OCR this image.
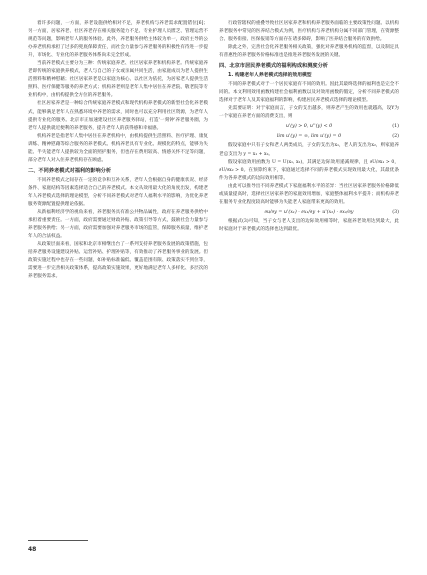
着许多问题，一方面，养老设施供给相对不足，养老机构与养老需求配置错位[6]；另一方面，居家养老、社区养老存在相关服务能力不足、专业护理人员匮乏、管理运营不规范等问题，影响老年人的服务体验。此外，养老服务供给主体较为单一，政府主导的公办养老机构承担了过多的兜底保障责任，而社会力量参与养老服务的积极性有待进一步提升，市场化、专业化的养老服务体系尚未完全形成。

当前养老模式主要分为三种：传统家庭养老、社区居家养老和机构养老。传统家庭养老即传统的家庭供养模式，老人与自己的子女或亲属共同生活，由家庭成员为老人提供生活照料和精神慰藉；社区居家养老是以家庭为核心、以社区为依托，为居家老人提供生活照料、医疗保健等服务的养老方式；机构养老则是老年人集中居住在养老院、敬老院等专业机构中，由机构提供全方位的养老服务。

社区居家养老是一种综合传统家庭养老模式和现代机构养老模式的新型社会化养老模式，能够满足老年人在熟悉环境中养老的需求，同时也可以充分利用社区资源，为老年人提供专业化的服务。北京市正加速建设社区养老服务驿站，打造'一刻钟'养老服务圈，为老年人提供就近便利的养老服务，提升老年人的获得感和幸福感。

机构养老是指老年人集中居住在养老机构中，由机构提供生活照料、医疗护理、康复训练、精神慰藉等综合服务的养老模式。机构养老具有专业化、规模化的特点，能够为失能、半失能老年人提供较为全面的照护服务，但也存在费用较高、情感关怀不足等问题，部分老年人对入住养老机构存在顾虑。

二、不同养老模式对福利的影响分析

不同养老模式之间存在一定的竞争和互补关系，老年人会根据自身的健康状况、经济条件、家庭结构等因素选择适合自己的养老模式。本文从效用最大化的角度出发，构建老年人养老模式选择的理论模型，分析不同养老模式对老年人福利水平的影响，为优化养老服务资源配置提供理论依据。

从新福利经济学的视角来看，养老服务具有准公共物品属性，政府在养老服务供给中承担着重要责任。一方面，政府需要通过财政补贴、政策引导等方式，鼓励社会力量参与养老服务供给；另一方面，政府需要加强对养老服务市场的监管，保障服务质量，维护老年人的合法权益。

从政策层面来看，国家和北京市相继出台了一系列支持养老服务发展的政策措施，包括养老服务设施建设补贴、运营补贴、护理补贴等，有效推动了养老服务事业的发展。但政策实施过程中也存在一些问题，如补贴标准偏低、覆盖范围有限、政策落实不到位等，需要进一步完善相关政策体系，提高政策实施效果，更好地满足老年人多样化、多层次的养老服务需求。

行政管辖权的重叠导致社区居家养老和机构养老服务面临的主要政策性问题。以机构养老服务中常见的医养结合模式为例，医疗机构与养老机构分属不同部门管理，在资源整合、服务衔接、医保报销等方面存在诸多障碍，影响了医养结合服务的有效供给。

除此之外，完善社会化养老服务相关政策，强化对养老服务机构的监督，以及制定具有普惠性的养老服务价格标准也是推进养老服务发展的关键。

四、北京市居民养老模式的福利构成和测度分析
1. 构建老年人养老模式选择的效用模型

不同的养老模式对于一个居民家庭有不同的效用。因此其最终选择的福利也是完全不同的。本文利用效用函数构建社会福利函数以及对效用函数的假定，分析不同养老模式的选择对于老年人及其家庭福利的影响，构建居民养老模式选择的理论模型。

先需要证明：对于家庭而言，子女的支出越多，则养老产生的效用也就越高，设Y为一个家庭在养老方面的消费支出，则

u'(y) > 0, u''(y) < 0	(1)
lim u'(y) = ∞, lim u'(y) = 0	(2)

假设家庭中只有子女和老人两类成员，子女的支出为x₁，老人的支出为x₂，则家庭养老总支出为 y = x₁ + x₂。

假设家庭效用函数为 U = U(x₁, x₂)，其满足边际效用递减规律，且 ∂U/∂x₁ > 0，∂U/∂x₂ > 0。在预算约束下，家庭通过选择不同的养老模式实现效用最大化，其最优条件为各养老模式的边际效用相等。

由此可以推导出不同养老模式下家庭福利水平的差异：当社区居家养老服务价格降低或质量提高时，选择社区居家养老的家庭效用增加，家庭整体福利水平提升；而机构养老在服务专业化程度较高时能够为失能老人家庭带来更高的效用。

∂u/∂y = u'(x₁) · ∂x₁/∂y + u'(x₂) · ∂x₂/∂y	(3)

根据式(3)可知，当子女与老人支出的边际效用相等时，家庭养老效用达到最大，此时家庭对于养老模式的选择也达到最优。

48
